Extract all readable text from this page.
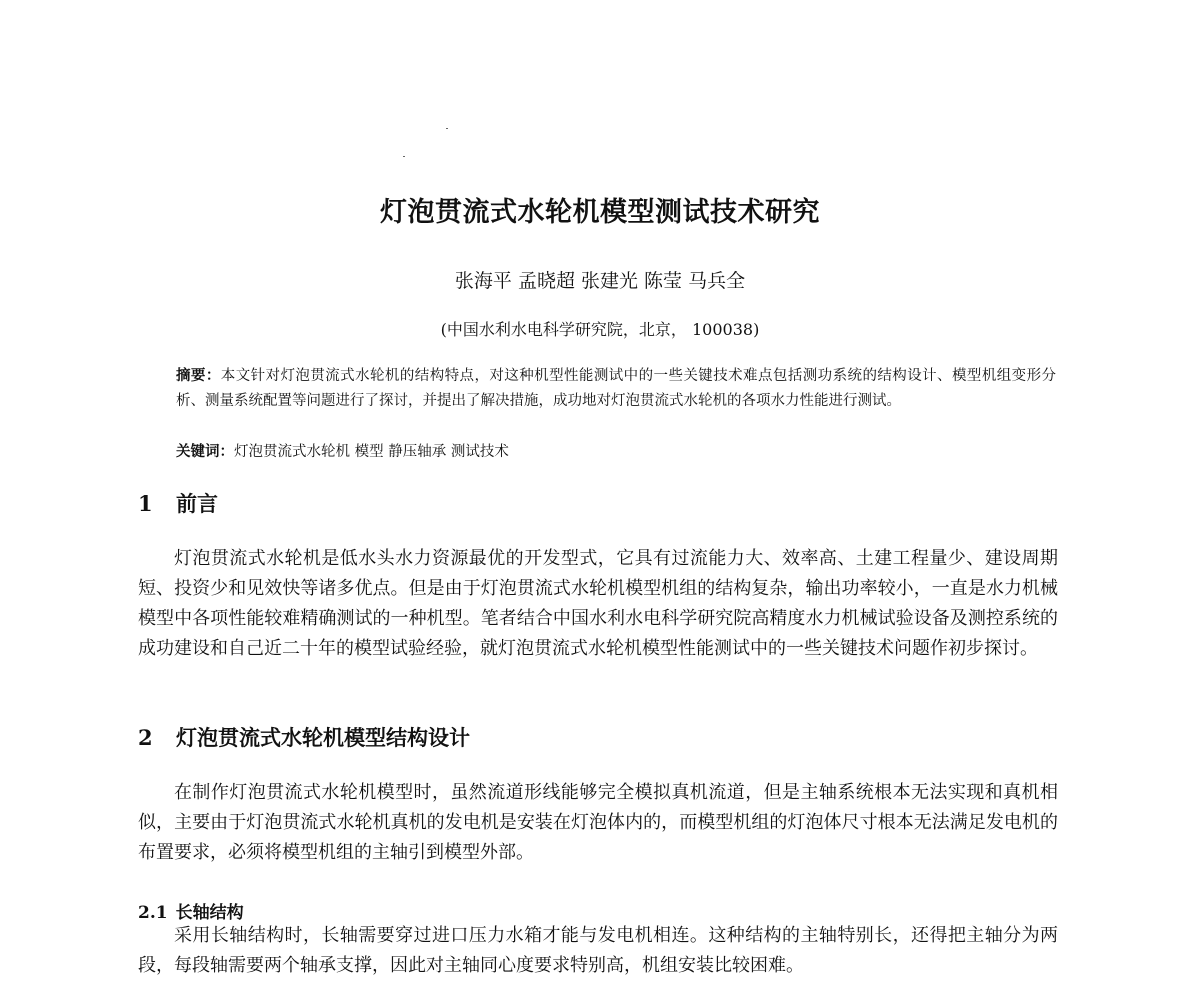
灯泡贯流式水轮机模型测试技术研究
张海平 孟晓超 张建光 陈莹 马兵全
(中国水利水电科学研究院，北京， 100038)
摘要：本文针对灯泡贯流式水轮机的结构特点，对这种机型性能测试中的一些关键技术难点包括测功系统的结构设计、模型机组变形分析、测量系统配置等问题进行了探讨，并提出了解决措施，成功地对灯泡贯流式水轮机的各项水力性能进行测试。
关键词：灯泡贯流式水轮机 模型 静压轴承 测试技术
1 前言
灯泡贯流式水轮机是低水头水力资源最优的开发型式，它具有过流能力大、效率高、土建工程量少、建设周期短、投资少和见效快等诸多优点。但是由于灯泡贯流式水轮机模型机组的结构复杂，输出功率较小，一直是水力机械模型中各项性能较难精确测试的一种机型。笔者结合中国水利水电科学研究院高精度水力机械试验设备及测控系统的成功建设和自己近二十年的模型试验经验，就灯泡贯流式水轮机模型性能测试中的一些关键技术问题作初步探讨。
2 灯泡贯流式水轮机模型结构设计
在制作灯泡贯流式水轮机模型时，虽然流道形线能够完全模拟真机流道，但是主轴系统根本无法实现和真机相似，主要由于灯泡贯流式水轮机真机的发电机是安装在灯泡体内的，而模型机组的灯泡体尺寸根本无法满足发电机的布置要求，必须将模型机组的主轴引到模型外部。
2.1 长轴结构
采用长轴结构时，长轴需要穿过进口压力水箱才能与发电机相连。这种结构的主轴特别长，还得把主轴分为两段，每段轴需要两个轴承支撑，因此对主轴同心度要求特别高，机组安装比较困难。
